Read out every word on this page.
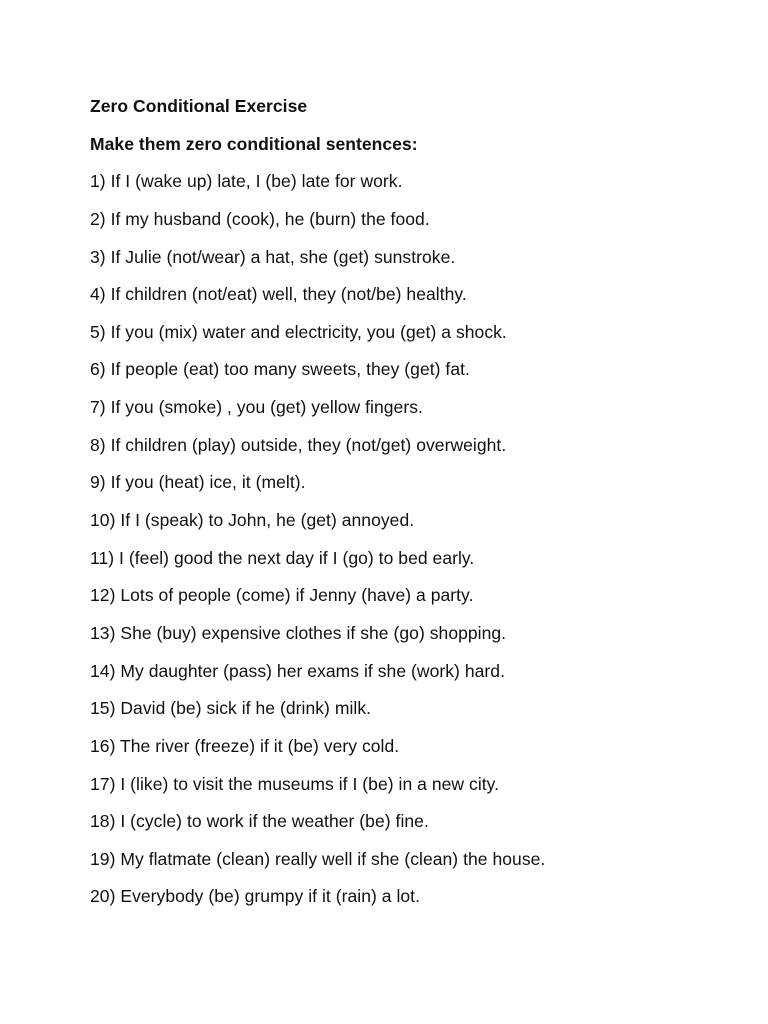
Zero Conditional Exercise
Make them zero conditional sentences:
1) If I (wake up) late, I (be) late for work.
2) If my husband (cook), he (burn) the food.
3) If Julie (not/wear) a hat, she (get) sunstroke.
4) If children (not/eat) well, they (not/be) healthy.
5) If you (mix) water and electricity, you (get) a shock.
6) If people (eat) too many sweets, they (get) fat.
7) If you (smoke) , you (get) yellow fingers.
8) If children (play) outside, they (not/get) overweight.
9) If you (heat) ice, it (melt).
10) If I (speak) to John, he (get) annoyed.
11) I (feel) good the next day if I (go) to bed early.
12) Lots of people (come) if Jenny (have) a party.
13) She (buy) expensive clothes if she (go) shopping.
14) My daughter (pass) her exams if she (work) hard.
15) David (be) sick if he (drink) milk.
16) The river (freeze) if it (be) very cold.
17) I (like) to visit the museums if I (be) in a new city.
18) I (cycle) to work if the weather (be) fine.
19) My flatmate (clean) really well if she (clean) the house.
20) Everybody (be) grumpy if it (rain) a lot.
